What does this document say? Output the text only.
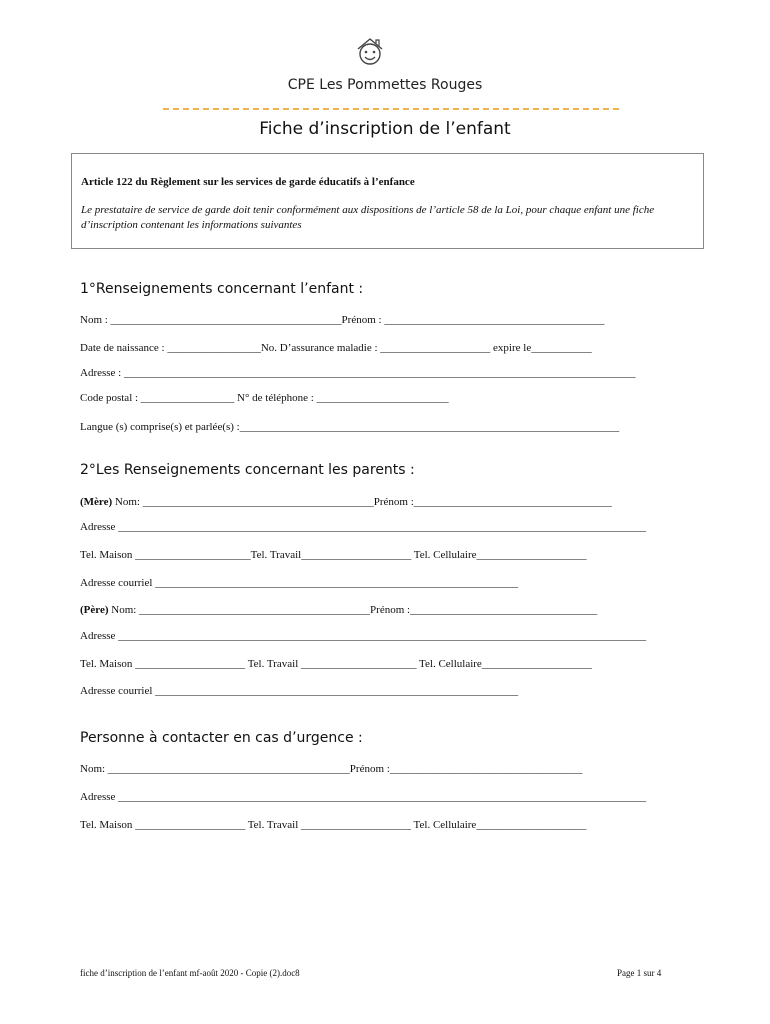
CPE Les Pommettes Rouges
Fiche d’inscription de l’enfant
Article 122 du Règlement sur les services de garde éducatifs à l’enfance
Le prestataire de service de garde doit tenir conformément aux dispositions de l’article 58 de la Loi, pour chaque enfant une fiche d’inscription contenant les informations suivantes
1°Renseignements concernant l’enfant :
Nom : __________________________________________Prénom : ________________________________________
Date de naissance : _________________No. D’assurance maladie : ____________________ expire le___________
Adresse : _____________________________________________________________________________________________
Code postal : _________________ N° de téléphone : ________________________
Langue (s) comprise(s) et parlée(s) :_____________________________________________________________________
2°Les Renseignements concernant les parents :
(Mère) Nom: __________________________________________Prénom :____________________________________
Adresse ________________________________________________________________________________________________
Tel. Maison _____________________Tel. Travail____________________ Tel. Cellulaire____________________
Adresse courriel __________________________________________________________________
(Père) Nom: __________________________________________Prénom :__________________________________
Adresse ________________________________________________________________________________________________
Tel. Maison ____________________ Tel. Travail _____________________ Tel. Cellulaire____________________
Adresse courriel __________________________________________________________________
Personne à contacter en cas d’urgence :
Nom: ____________________________________________Prénom :___________________________________
Adresse ________________________________________________________________________________________________
Tel. Maison ____________________ Tel. Travail ____________________ Tel. Cellulaire____________________
fiche d’inscription de l’enfant mf-août 2020 - Copie (2).doc8	Page 1 sur 4
